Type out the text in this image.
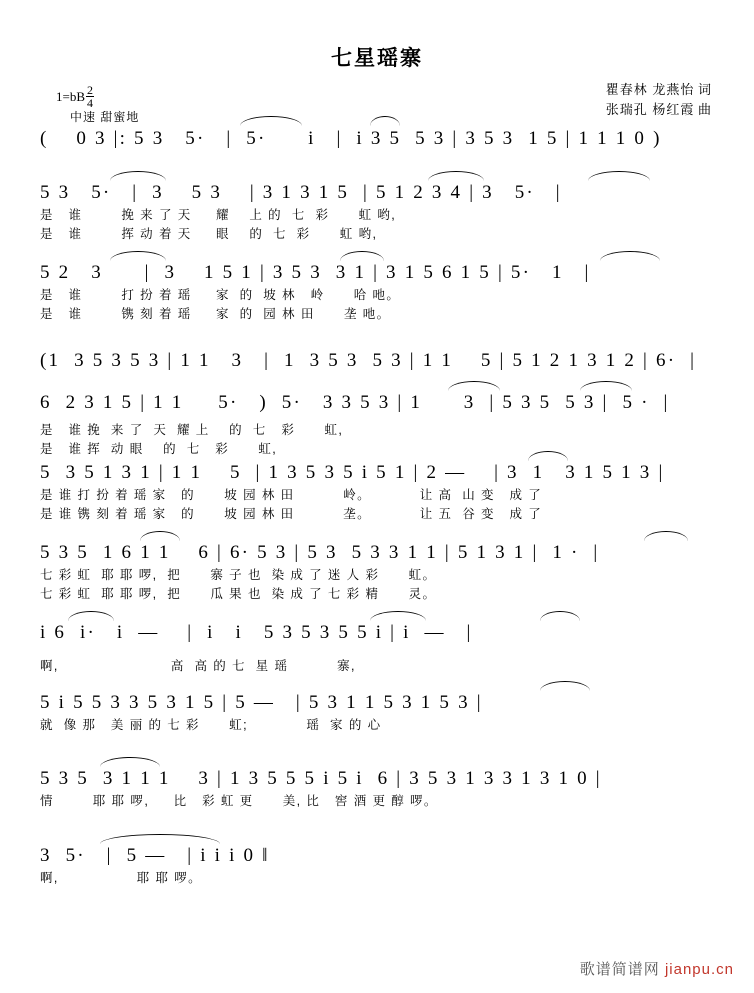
七星瑶寨
$1=bB \frac{2}{4}$
中速 甜蜜地
瞿春林 龙燕怡 词
张瑞孔 杨红霞 曲
(    0 3 |: 5 3   5·   |  5·      i   |  i 3 5  5 3 | 3 5 3  1 5 | 1 1 1 0 )
5 3   5·   |  3    5 3    | 3 1 3 1 5  | 5 1 2 3 4 | 3   5·   |
是   谁        挽 来 了 天     耀    上 的  七  彩      虹 哟,
是   谁        挥 动 着 天     眼    的  七  彩      虹 哟,
5 2   3      |  3    1 5 1 | 3 5 3  3 1 | 3 1 5 6 1 5 | 5·   1   |
是   谁        打 扮 着 瑶     家  的  坡 林   岭      哈 吔。
是   谁        镌 刻 着 瑶     家  的  园 林 田      垄 吔。
(1  3 5 3 5 3 | 1 1   3   |  1  3 5 3  5 3 | 1 1    5 | 5 1 2 1 3 1 2 | 6·  |
6  2 3 1 5 | 1 1     5·   )  5·   3 3 5 3 | 1      3  | 5 3 5  5 3 |  5 ·  |
是   谁 挽  来 了  天  耀 上    的  七   彩      虹,
是   谁 挥  动 眼    的  七   彩      虹,
5  3 5 1 3 1 | 1 1    5  | 1 3 5 3 5 i 5 1 | 2 —    | 3  1   3 1 5 1 3 |
是 谁 打 扮 着 瑶 家   的      坡 园 林 田          岭。          让 高  山 变   成 了
是 谁 镌 刻 着 瑶 家   的      坡 园 林 田          垄。          让 五  谷 变   成 了
5 3 5  1 6 1 1    6 | 6· 5 3 | 5 3  5 3 3 1 1 | 5 1 3 1 |  1 ·  |
七 彩 虹  耶 耶 啰,  把      寨 子 也  染 成 了 迷 人 彩      虹。
七 彩 虹  耶 耶 啰,  把      瓜 果 也  染 成 了 七 彩 精      灵。
i 6  i·   i  —    |  i   i   5 3 5 3 5 5 i | i  —   |
啊,                       高  高 的 七  星 瑶          寨,
5 i 5 5 3 3 5 3 1 5 | 5 —   | 5 3 1 1 5 3 1 5 3 |
就  像 那   美 丽 的 七 彩      虹;            瑶  家 的 心
5 3 5  3 1 1 1    3 | 1 3 5 5 5 i 5 i  6 | 3 5 3 1 3 3 1 3 1 0 |
情        耶 耶 啰,     比   彩 虹 更      美, 比   窖 酒 更 醇 啰。
3  5·   |  5 —   | i i i 0 ‖
啊,                耶 耶 啰。
歌谱简谱网 jianpu.cn
